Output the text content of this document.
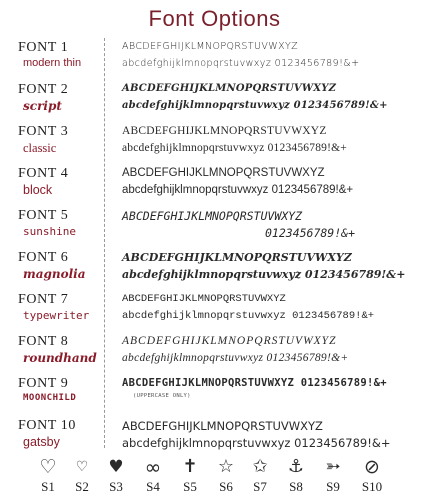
Font Options
FONT 1
modern thin
ABCDEFGHIJKLMNOPQRSTUVWXYZ
abcdefghijklmnopqrstuvwxyz 0123456789!&+
FONT 2
script
ABCDEFGHIJKLMNOPQRSTUVWXYZ
abcdefghijklmnopqrstuvwxyz 0123456789!&+
FONT 3
classic
ABCDEFGHIJKLMNOPQRSTUVWXYZ
abcdefghijklmnopqrstuvwxyz 0123456789!&+
FONT 4
block
ABCDEFGHIJKLMNOPQRSTUVWXYZ
abcdefghijklmnopqrstuvwxyz 0123456789!&+
FONT 5
sunshine
ABCDEFGHIJKLMNOPQRSTUVWXYZ
0123456789!&+
FONT 6
magnolia
ABCDEFGHIJKLMNOPQRSTUVWXYZ
abcdefghijklmnopqrstuvwxyz 0123456789!&+
FONT 7
typewriter
ABCDEFGHIJKLMNOPQRSTUVWXYZ
abcdefghijklmnopqrstuvwxyz 0123456789!&+
FONT 8
roundhand
ABCDEFGHIJKLMNOPQRSTUVWXYZ
abcdefghijklmnopqrstuvwxyz 0123456789!&+
FONT 9
MOONCHILD
ABCDEFGHIJKLMNOPQRSTUVWXYZ 0123456789!&+
(UPPERCASE ONLY)
FONT 10
gatsby
ABCDEFGHIJKLMNOPQRSTUVWXYZ
abcdefghijklmnopqrstuvwxyz 0123456789!&+
♡
S1
♡
S2
♥
S3
∞
S4
✝
S5
☆
S6
✩
S7
⚓
S8
➳
S9
⊘
S10
